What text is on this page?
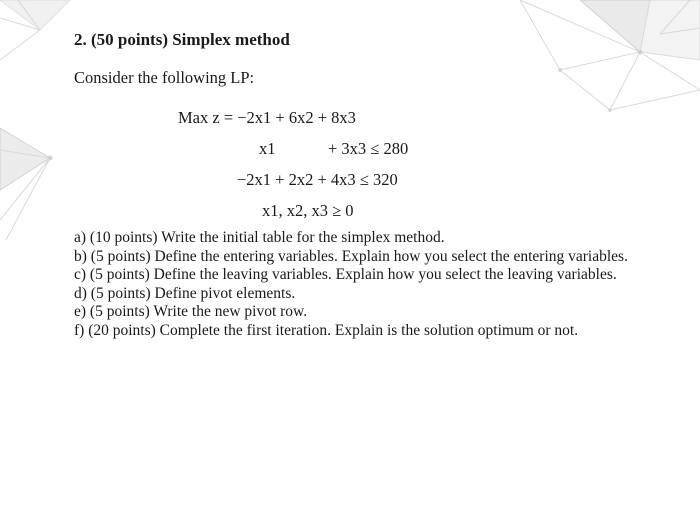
2. (50 points) Simplex method
Consider the following LP:
Max z = −2x1 + 6x2 + 8x3
x1	+ 3x3 ≤ 280
−2x1 + 2x2 + 4x3 ≤ 320
x1, x2, x3 ≥ 0
a) (10 points) Write the initial table for the simplex method.
b) (5 points) Define the entering variables. Explain how you select the entering variables.
c) (5 points) Define the leaving variables. Explain how you select the leaving variables.
d) (5 points) Define pivot elements.
e) (5 points) Write the new pivot row.
f) (20 points) Complete the first iteration. Explain is the solution optimum or not.
